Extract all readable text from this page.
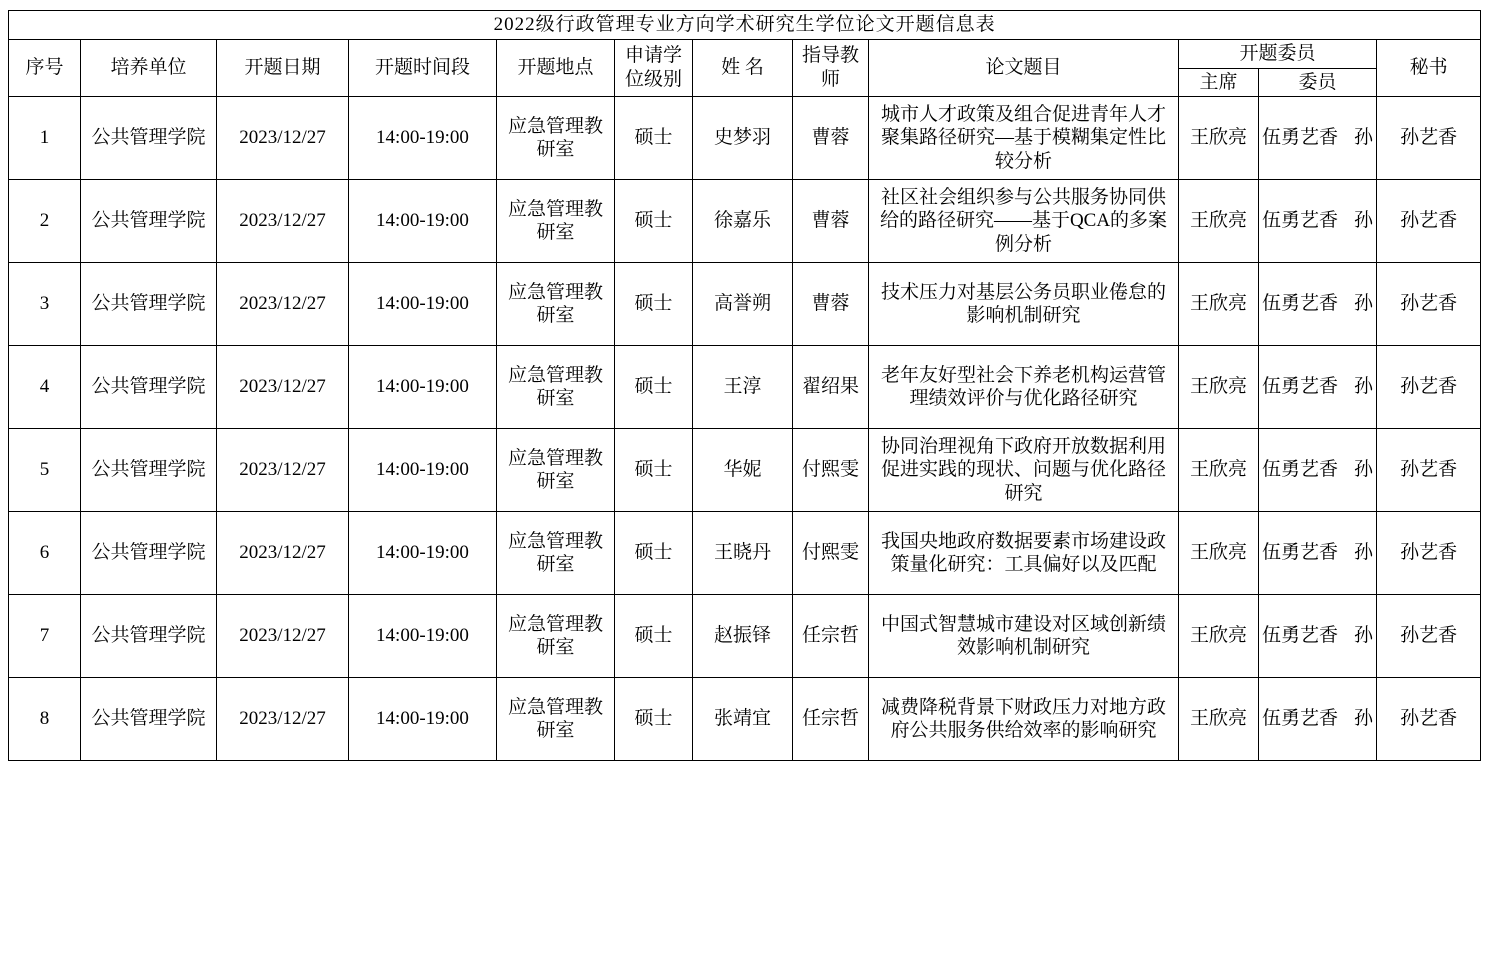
2022级行政管理专业方向学术研究生学位论文开题信息表											
序号	培养单位	开题日期	开题时间段	开题地点	申请学位级别	姓 名	指导教师	论文题目	开题委员		秘书
									主席	委员	
1	公共管理学院	2023/12/27	14:00-19:00	应急管理教研室	硕士	史梦羽	曹蓉	城市人才政策及组合促进青年人才聚集路径研究—基于模糊集定性比较分析	王欣亮	伍勇艺香 孙	孙艺香
2	公共管理学院	2023/12/27	14:00-19:00	应急管理教研室	硕士	徐嘉乐	曹蓉	社区社会组织参与公共服务协同供给的路径研究——基于QCA的多案例分析	王欣亮	伍勇艺香 孙	孙艺香
3	公共管理学院	2023/12/27	14:00-19:00	应急管理教研室	硕士	高誉朔	曹蓉	技术压力对基层公务员职业倦怠的影响机制研究	王欣亮	伍勇艺香 孙	孙艺香
4	公共管理学院	2023/12/27	14:00-19:00	应急管理教研室	硕士	王淳	翟绍果	老年友好型社会下养老机构运营管理绩效评价与优化路径研究	王欣亮	伍勇艺香 孙	孙艺香
5	公共管理学院	2023/12/27	14:00-19:00	应急管理教研室	硕士	华妮	付熙雯	协同治理视角下政府开放数据利用促进实践的现状、问题与优化路径研究	王欣亮	伍勇艺香 孙	孙艺香
6	公共管理学院	2023/12/27	14:00-19:00	应急管理教研室	硕士	王晓丹	付熙雯	我国央地政府数据要素市场建设政策量化研究：工具偏好以及匹配	王欣亮	伍勇艺香 孙	孙艺香
7	公共管理学院	2023/12/27	14:00-19:00	应急管理教研室	硕士	赵振铎	任宗哲	中国式智慧城市建设对区域创新绩效影响机制研究	王欣亮	伍勇艺香 孙	孙艺香
8	公共管理学院	2023/12/27	14:00-19:00	应急管理教研室	硕士	张靖宜	任宗哲	减费降税背景下财政压力对地方政府公共服务供给效率的影响研究	王欣亮	伍勇艺香 孙	孙艺香
